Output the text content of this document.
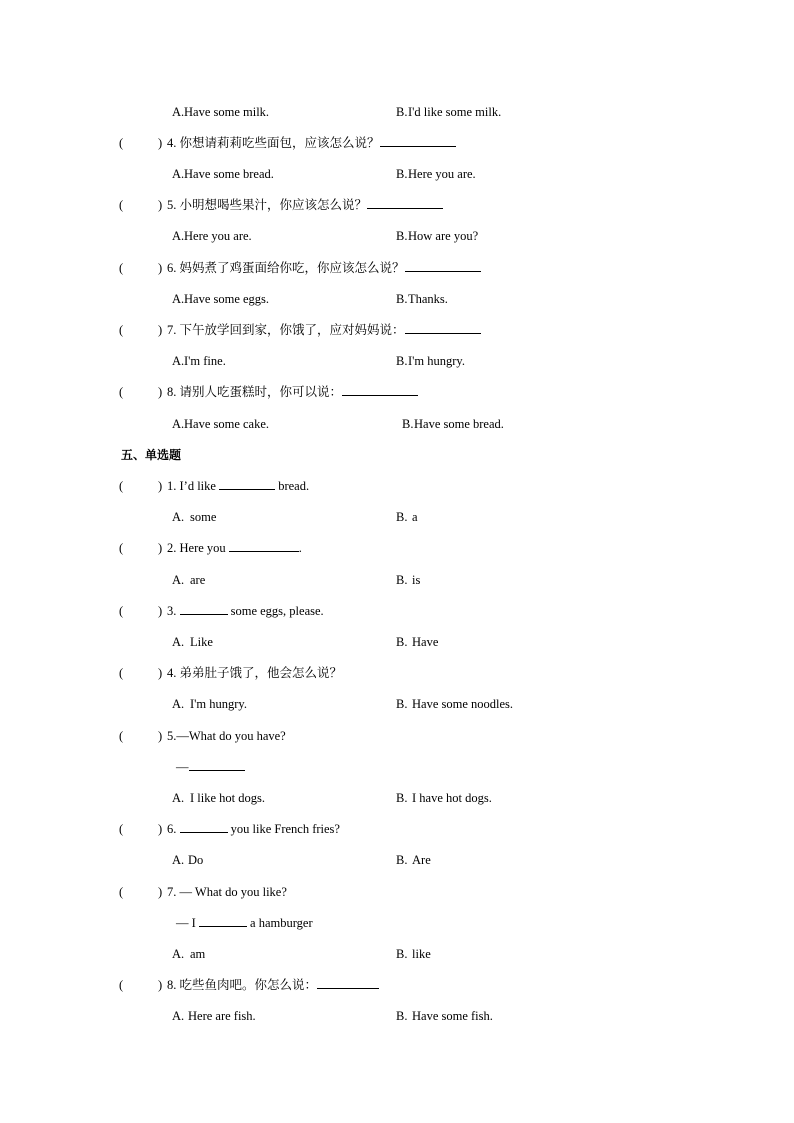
A.Have some milk.	B.I'd like some milk.
(	) 4. 你想请莉莉吃些面包，应该怎么说？
A.Have some bread.	B.Here you are.
(	) 5. 小明想喝些果汁，你应该怎么说？
A.Here you are.	B.How are you?
(	) 6. 妈妈煮了鸡蛋面给你吃，你应该怎么说？
A.Have some eggs.	B.Thanks.
(	) 7. 下午放学回到家，你饿了，应对妈妈说：
A.I'm fine.	B.I'm hungry.
(	) 8. 请别人吃蛋糕时，你可以说：
A.Have some cake.	B.Have some bread.
五、单选题
(	) 1. I’d like	bread.
A. some	B. a
(	) 2. Here you	.
A. are	B. is
(	) 3.	some eggs, please.
A. Like	B. Have
(	) 4. 弟弟肚子饿了，他会怎么说？
A. I'm hungry.	B. Have some noodles.
(	) 5.—What do you have?
—
A. I like hot dogs.	B. I have hot dogs.
(	) 6.	you like French fries?
A. Do	B. Are
(	) 7. — What do you like?
— I	a hamburger
A. am	B. like
(	) 8. 吃些鱼肉吧。你怎么说：
A. Here are fish.	B. Have some fish.
